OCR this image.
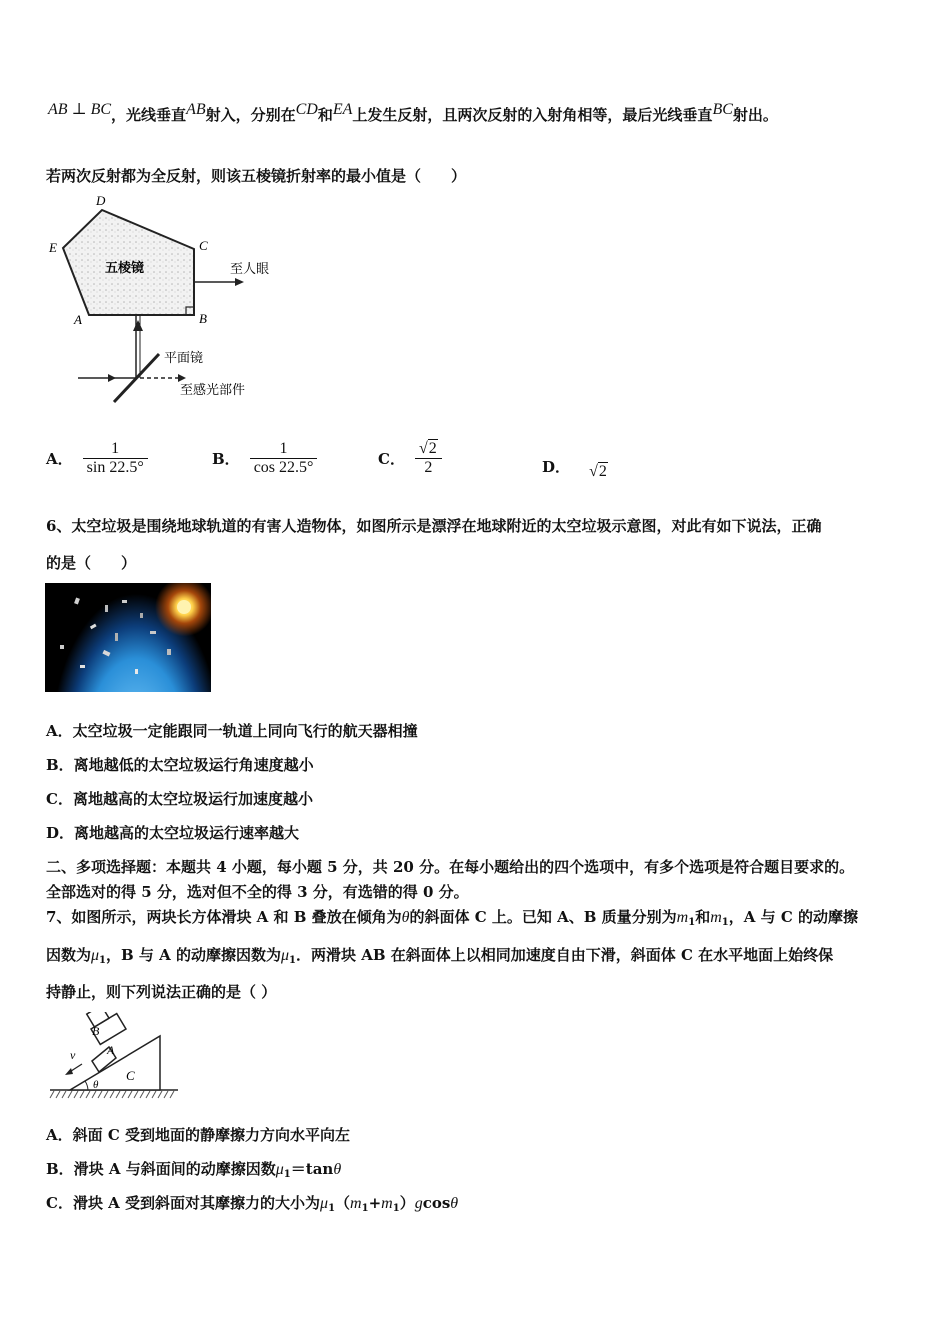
AB ⊥ BC，光线垂直AB射入，分别在CD和EA上发生反射，且两次反射的入射角相等，最后光线垂直BC射出。
若两次反射都为全反射，则该五棱镜折射率的最小值是（　　）
D
E	C
A	B
五棱镜	至人眼
平面镜
至感光部件
A． $\frac{1}{\sin 22.5^\circ}$	B． $\frac{1}{\cos 22.5^\circ}$	C． $\frac{√2}{2}$	D． √2
6、太空垃圾是围绕地球轨道的有害人造物体，如图所示是漂浮在地球附近的太空垃圾示意图，对此有如下说法，正确
的是（　　）
A．太空垃圾一定能跟同一轨道上同向飞行的航天器相撞
B．离地越低的太空垃圾运行角速度越小
C．离地越高的太空垃圾运行加速度越小
D．离地越高的太空垃圾运行速率越大
二、多项选择题：本题共 4 小题，每小题 5 分，共 20 分。在每小题给出的四个选项中，有多个选项是符合题目要求的。
全部选对的得 5 分，选对但不全的得 3 分，有选错的得 0 分。
7、如图所示，两块长方体滑块 A 和 B 叠放在倾角为θ的斜面体 C 上。已知 A、B 质量分别为$m_1$和$m_1$，A 与 C 的动摩擦
因数为$\mu_1$，B 与 A 的动摩擦因数为$\mu_1$．两滑块 AB 在斜面体上以相同加速度自由下滑，斜面体 C 在水平地面上始终保
持静止，则下列说法正确的是（ ）
B
A
C
v
θ
A．斜面 C 受到地面的静摩擦力方向水平向左
B．滑块 A 与斜面间的动摩擦因数$\mu_1=\tan\theta$
C．滑块 A 受到斜面对其摩擦力的大小为$\mu_1(m_1+m_1)gcos\theta$
